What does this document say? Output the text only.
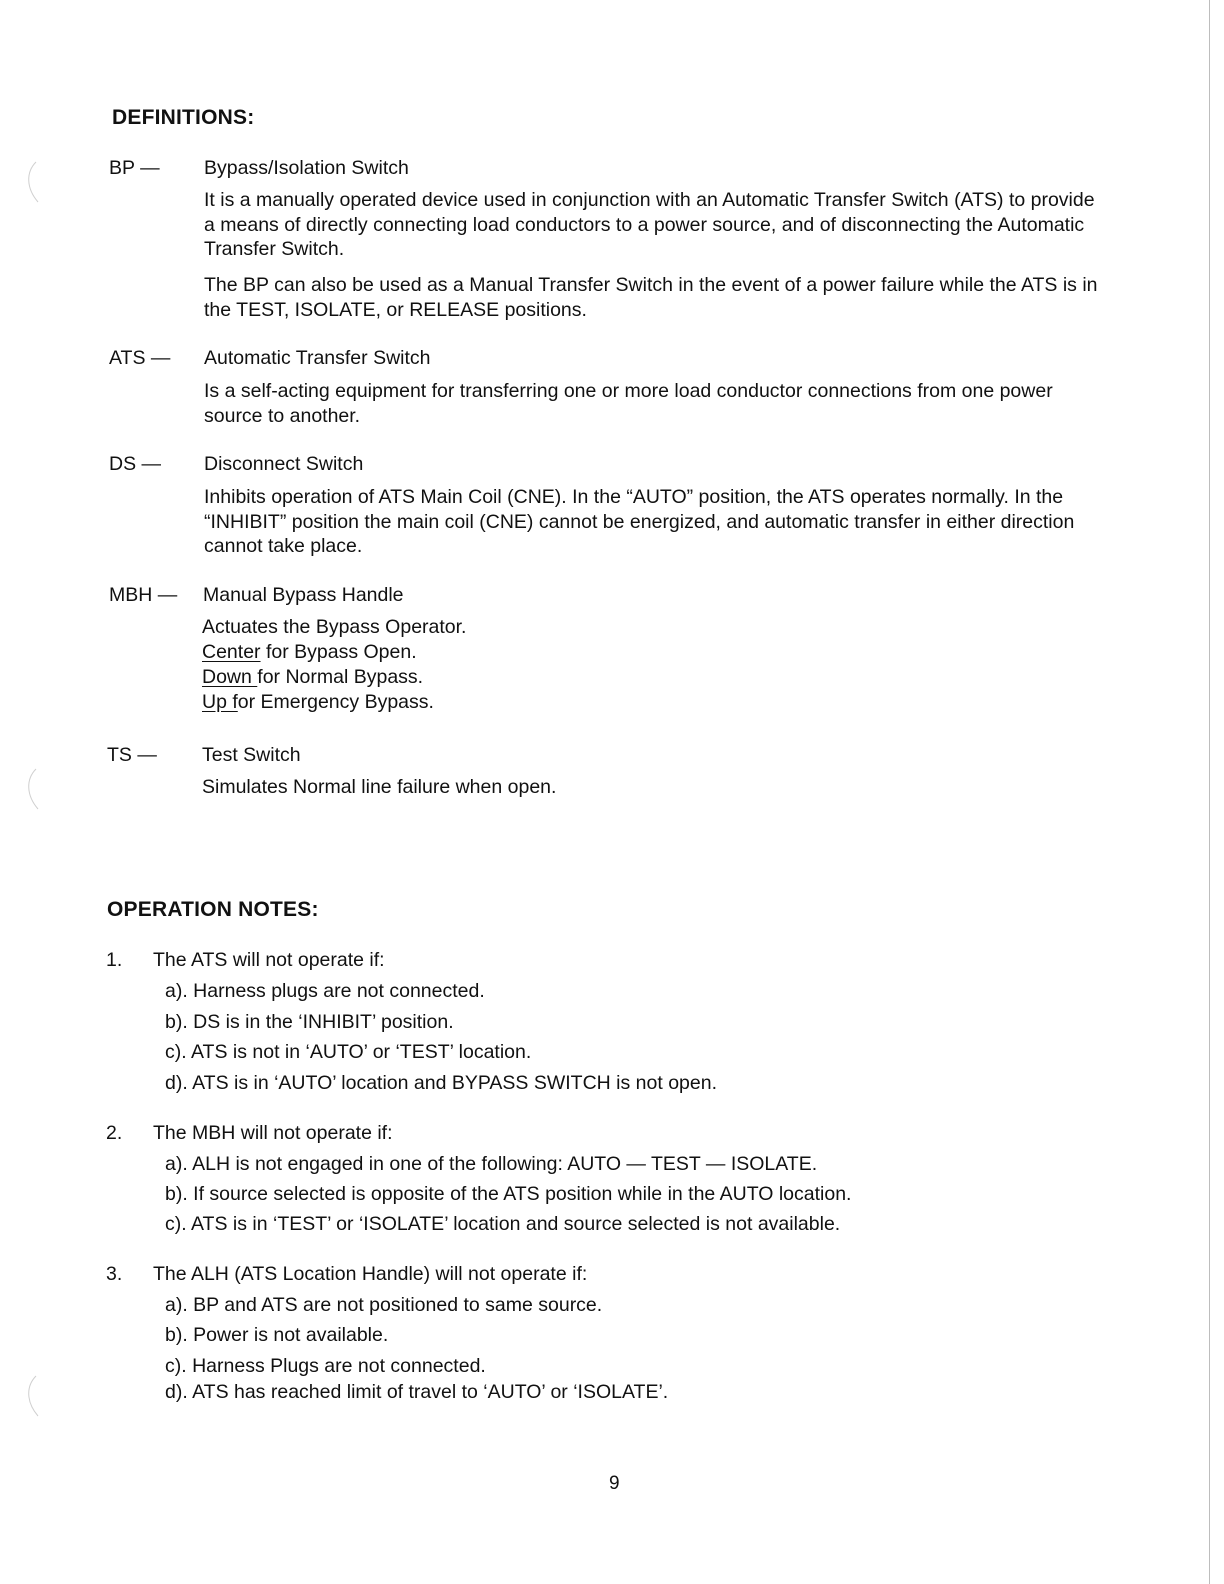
DEFINITIONS:
BP — Bypass/Isolation Switch

It is a manually operated device used in conjunction with an Automatic Transfer Switch (ATS) to provide a means of directly connecting load conductors to a power source, and of disconnecting the Automatic Transfer Switch.

The BP can also be used as a Manual Transfer Switch in the event of a power failure while the ATS is in the TEST, ISOLATE, or RELEASE positions.

ATS — Automatic Transfer Switch

Is a self-acting equipment for transferring one or more load conductor connections from one power source to another.

DS — Disconnect Switch

Inhibits operation of ATS Main Coil (CNE). In the “AUTO” position, the ATS operates normally. In the “INHIBIT” position the main coil (CNE) cannot be energized, and automatic transfer in either direction cannot take place.

MBH — Manual Bypass Handle
Actuates the Bypass Operator.
Center for Bypass Open.
Down for Normal Bypass.
Up for Emergency Bypass.
TS — Test Switch
Simulates Normal line failure when open.
OPERATION NOTES:
1. The ATS will not operate if:
a). Harness plugs are not connected.
b). DS is in the ‘INHIBIT’ position.
c). ATS is not in ‘AUTO’ or ‘TEST’ location.
d). ATS is in ‘AUTO’ location and BYPASS SWITCH is not open.
2. The MBH will not operate if:
a). ALH is not engaged in one of the following: AUTO — TEST — ISOLATE.
b). If source selected is opposite of the ATS position while in the AUTO location.
c). ATS is in ‘TEST’ or ‘ISOLATE’ location and source selected is not available.
3. The ALH (ATS Location Handle) will not operate if:
a). BP and ATS are not positioned to same source.
b). Power is not available.
c). Harness Plugs are not connected.
d). ATS has reached limit of travel to ‘AUTO’ or ‘ISOLATE’.
9
